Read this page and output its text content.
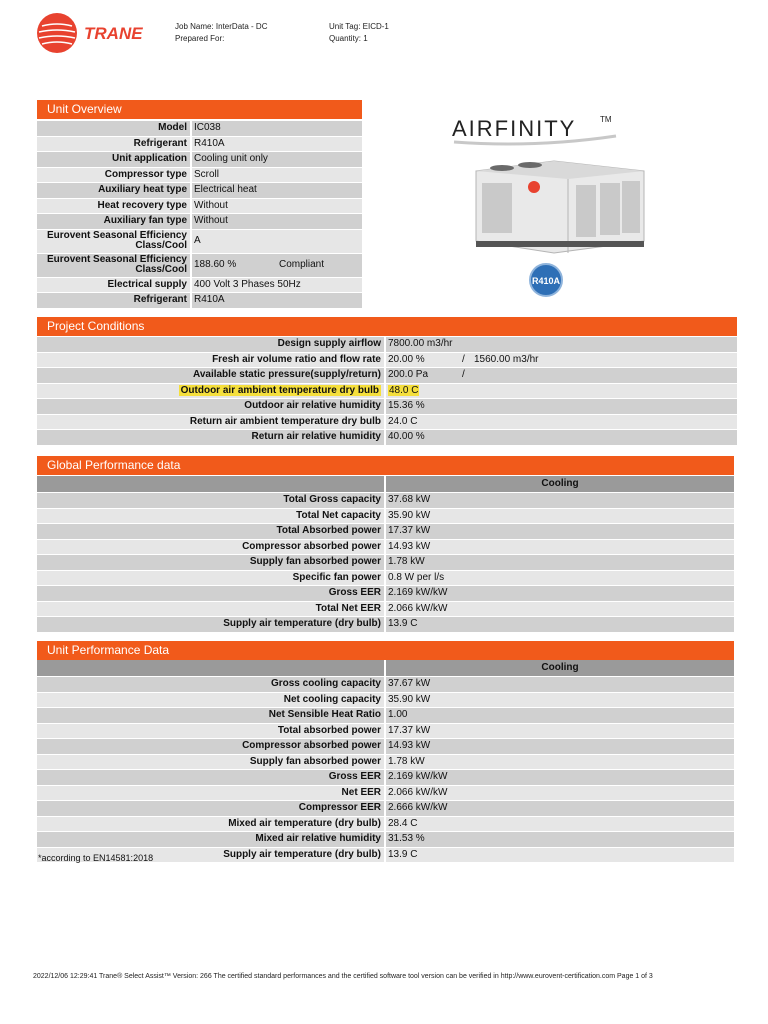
TRANE	Job Name: InterData - DC
Prepared For:
Unit Tag: EICD-1
Quantity: 1
Unit Overview
Model	IC038	
Refrigerant	R410A	
Unit application	Cooling unit only	
Compressor type	Scroll	
Auxiliary heat type	Electrical heat	
Heat recovery type	Without	
Auxiliary fan type	Without	
Eurovent Seasonal Efficiency Class/Cool	A	
Eurovent Seasonal Efficiency Class/Cool	188.60 %	Compliant
Electrical supply	400 Volt 3 Phases 50Hz	
Refrigerant	R410A	
AIRFINITY	TM
R410A
Project Conditions
Design supply airflow	7800.00 m3/hr		
Fresh air volume ratio and flow rate	20.00 %	/	1560.00 m3/hr
Available static pressure(supply/return)	200.0 Pa	/	
Outdoor air ambient temperature dry bulb	48.0 C		
Outdoor air relative humidity	15.36 %		
Return air ambient temperature dry bulb	24.0 C		
Return air relative humidity	40.00 %		
Global Performance data
	Cooling
Total Gross capacity	37.68 kW
Total Net capacity	35.90 kW
Total Absorbed power	17.37 kW
Compressor absorbed power	14.93 kW
Supply fan absorbed power	1.78 kW
Specific fan power	0.8 W per l/s
Gross EER	2.169 kW/kW
Total Net EER	2.066 kW/kW
Supply air temperature (dry bulb)	13.9 C
Unit Performance Data
	Cooling
Gross cooling capacity	37.67 kW
Net cooling capacity	35.90 kW
Net Sensible Heat Ratio	1.00
Total absorbed power	17.37 kW
Compressor absorbed power	14.93 kW
Supply fan absorbed power	1.78 kW
Gross EER	2.169 kW/kW
Net EER	2.066 kW/kW
Compressor EER	2.666 kW/kW
Mixed air temperature (dry bulb)	28.4 C
Mixed air relative humidity	31.53 %
Supply air temperature (dry bulb)	13.9 C
*according to EN14581:2018
2022/12/06 12:29:41 Trane® Select Assist™ Version: 266 The certified standard performances and the certified software tool version can be verified in http://www.eurovent-certification.com Page 1 of 3
